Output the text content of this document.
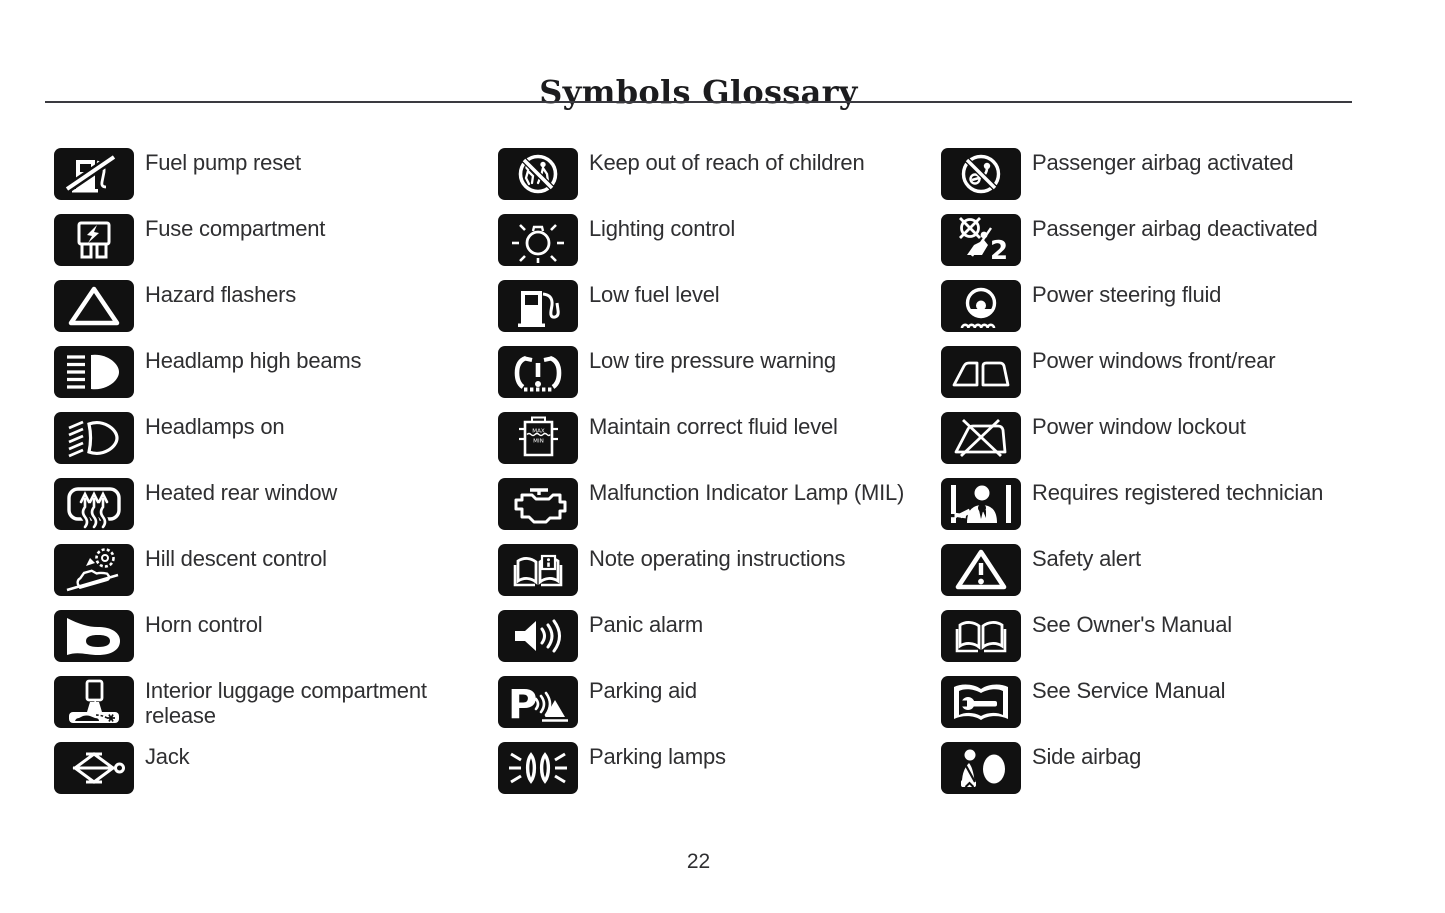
Symbols Glossary
Fuel pump reset
Fuse compartment
Hazard flashers
Headlamp high beams
Headlamps on
Heated rear window
Hill descent control
Horn control
Interior luggage compartment release
Jack
Keep out of reach of children
Lighting control
Low fuel level
Low tire pressure warning
Maintain correct fluid level
Malfunction Indicator Lamp (MIL)
Note operating instructions
Panic alarm
Parking aid
Parking lamps
Passenger airbag activated
Passenger airbag deactivated
Power steering fluid
Power windows front/rear
Power window lockout
Requires registered technician
Safety alert
See Owner's Manual
See Service Manual
Side airbag
22
